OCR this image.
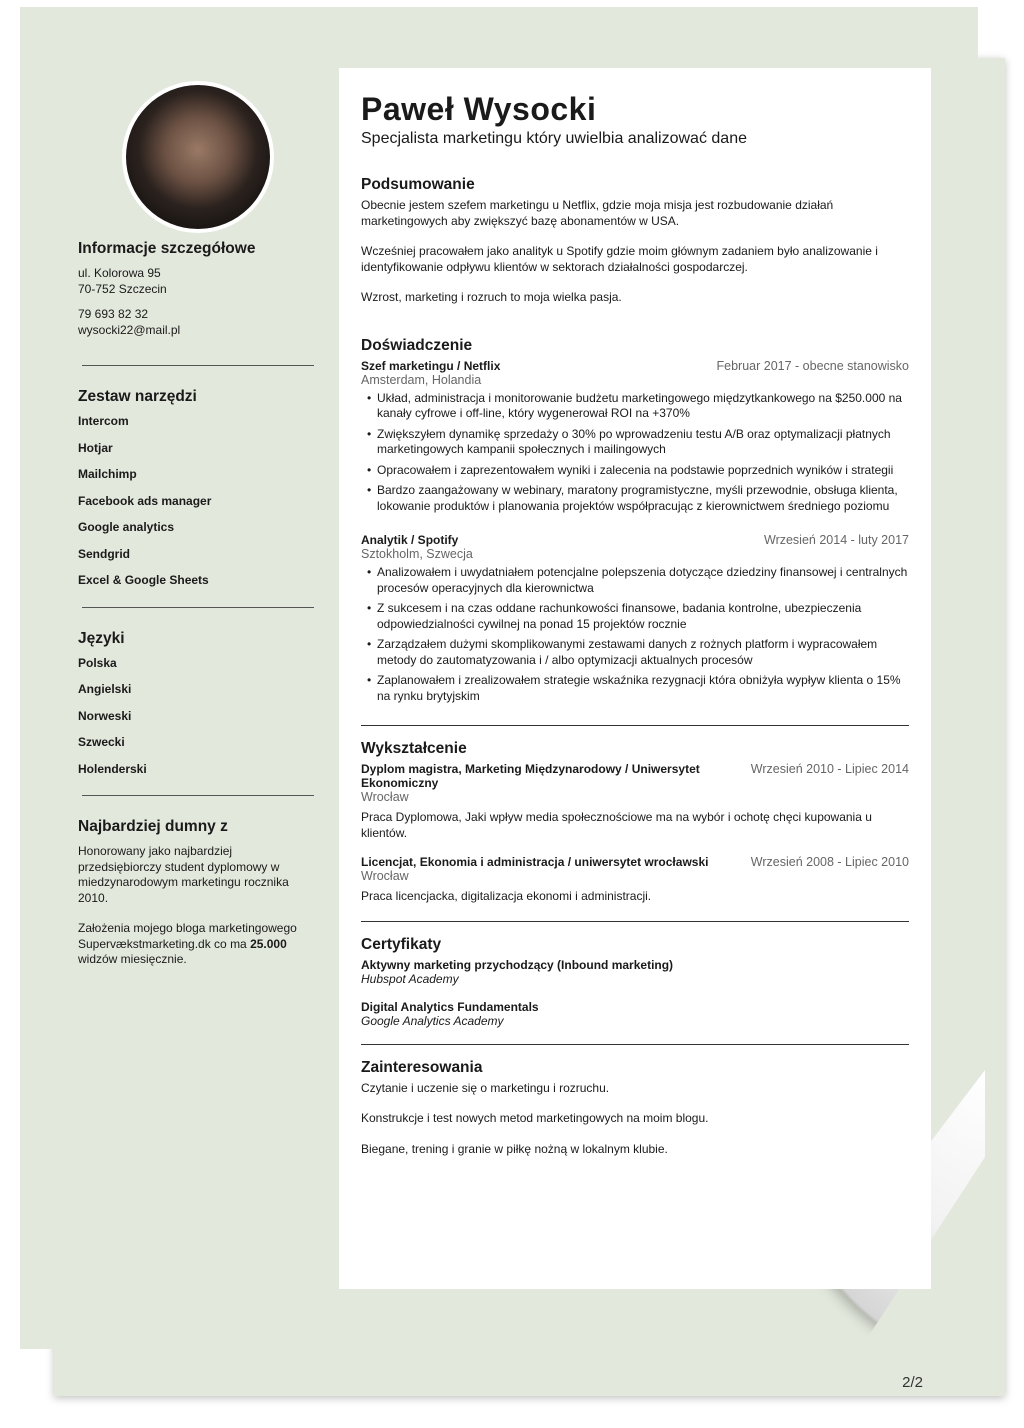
2/2
Informacje szczegółowe
ul. Kolorowa 95
70-752 Szczecin
79 693 82 32
wysocki22@mail.pl
Zestaw narzędzi
Intercom
Hotjar
Mailchimp
Facebook ads manager
Google analytics
Sendgrid
Excel & Google Sheets
Języki
Polska
Angielski
Norweski
Szwecki
Holenderski
Najbardziej dumny z
Honorowany jako najbardziej przedsiębiorczy student dyplomowy w miedzynarodowym marketingu rocznika 2010.
Założenia mojego bloga marketingowego Supervækstmarketing.dk co ma 25.000 widzów miesięcznie.
Paweł Wysocki
Specjalista marketingu który uwielbia analizować dane
Podsumowanie

Obecnie jestem szefem marketingu u Netflix, gdzie moja misja jest rozbudowanie działań marketingowych aby zwiększyć bazę abonamentów w USA.

Wcześniej pracowałem jako analityk u Spotify gdzie moim głównym zadaniem było analizowanie i identyfikowanie odpływu klientów w sektorach działalności gospodarczej.

Wzrost, marketing i rozruch to moja wielka pasja.

Doświadczenie
Szef marketingu / Netflix	Februar 2017 - obecne stanowisko
Amsterdam, Holandia
• Układ, administracja i monitorowanie budżetu marketingowego międzytkankowego na $250.000 na kanały cyfrowe i off-line, który wygenerował ROI na +370%
• Zwiększyłem dynamikę sprzedaży o 30% po wprowadzeniu testu A/B oraz optymalizacji płatnych marketingowych kampanii społecznych i mailingowych
• Opracowałem i zaprezentowałem wyniki i zalecenia na podstawie poprzednich wyników i strategii
• Bardzo zaangażowany w webinary, maratony programistyczne, myśli przewodnie, obsługa klienta, lokowanie produktów i planowania projektów współpracując z kierownictwem średniego poziomu
Analytik / Spotify	Wrzesień 2014 - luty 2017
Sztokholm, Szwecja
• Analizowałem i uwydatniałem potencjalne polepszenia dotyczące dziedziny finansowej i centralnych procesów operacyjnych dla kierownictwa
• Z sukcesem i na czas oddane rachunkowości finansowe, badania kontrolne, ubezpieczenia odpowiedzialności cywilnej na ponad 15 projektów rocznie
• Zarządzałem dużymi skomplikowanymi zestawami danych z rożnych platform i wypracowałem metody do zautomatyzowania i / albo optymizacji aktualnych procesów
• Zaplanowałem i zrealizowałem strategie wskaźnika rezygnacji która obniżyła wypływ klienta o 15% na rynku brytyjskim
Wykształcenie
Dyplom magistra, Marketing Międzynarodowy / Uniwersytet Ekonomiczny
Wrzesień 2010 - Lipiec 2014
Wrocław

Praca Dyplomowa, Jaki wpływ media społecznościowe ma na wybór i ochotę chęci kupowania u klientów.

Licencjat, Ekonomia i administracja / uniwersytet wrocławski	Wrzesień 2008 - Lipiec 2010
Wrocław

Praca licencjacka, digitalizacja ekonomi i administracji.

Certyfikaty
Aktywny marketing przychodzący (Inbound marketing)
Hubspot Academy
Digital Analytics Fundamentals
Google Analytics Academy
Zainteresowania

Czytanie i uczenie się o marketingu i rozruchu.

Konstrukcje i test nowych metod marketingowych na moim blogu.

Biegane, trening i granie w piłkę nożną w lokalnym klubie.
